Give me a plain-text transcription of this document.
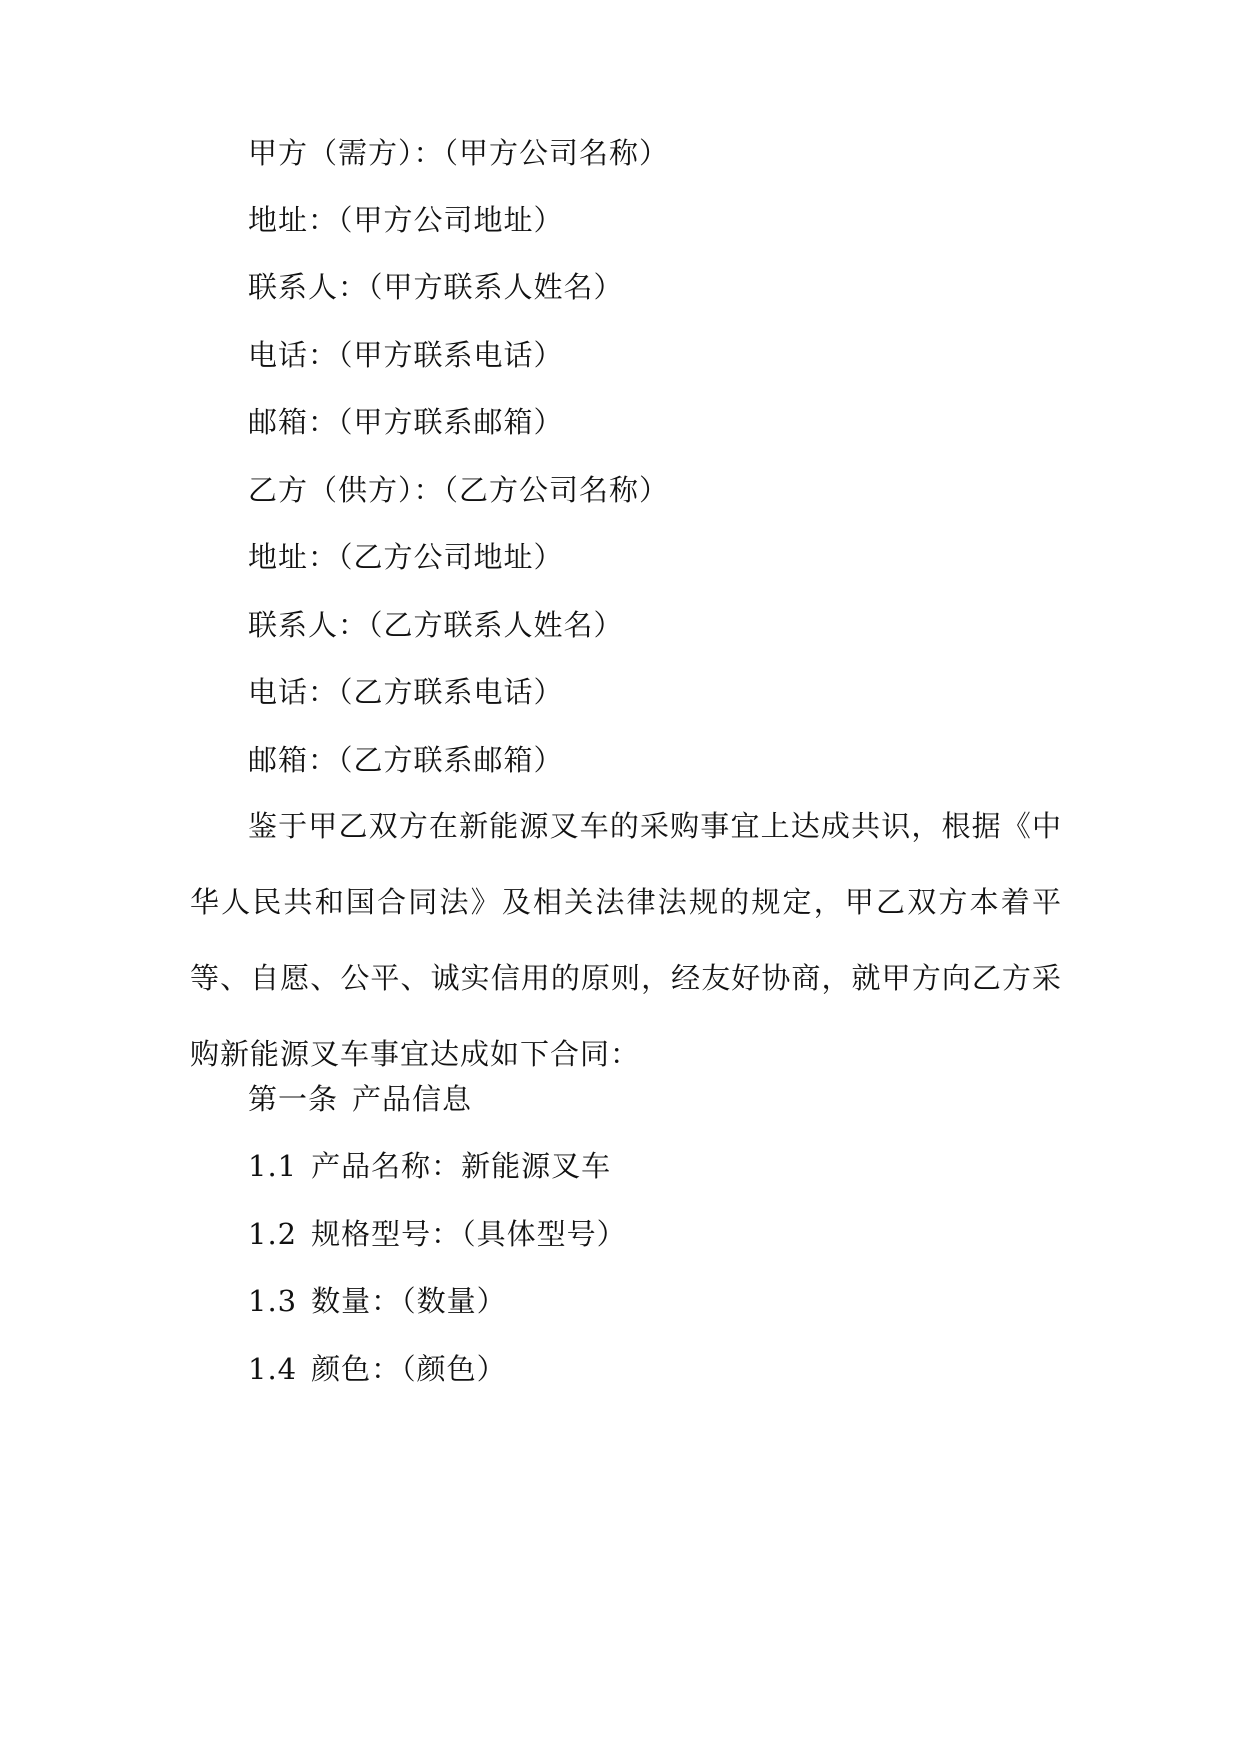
甲方（需方）：（甲方公司名称）
地址：（甲方公司地址）
联系人：（甲方联系人姓名）
电话：（甲方联系电话）
邮箱：（甲方联系邮箱）
乙方（供方）：（乙方公司名称）
地址：（乙方公司地址）
联系人：（乙方联系人姓名）
电话：（乙方联系电话）
邮箱：（乙方联系邮箱）
鉴于甲乙双方在新能源叉车的采购事宜上达成共识，根据《中华人民共和国合同法》及相关法律法规的规定，甲乙双方本着平等、自愿、公平、诚实信用的原则，经友好协商，就甲方向乙方采购新能源叉车事宜达成如下合同：
第一条 产品信息
1.1 产品名称：新能源叉车
1.2 规格型号：（具体型号）
1.3 数量：（数量）
1.4 颜色：（颜色）
